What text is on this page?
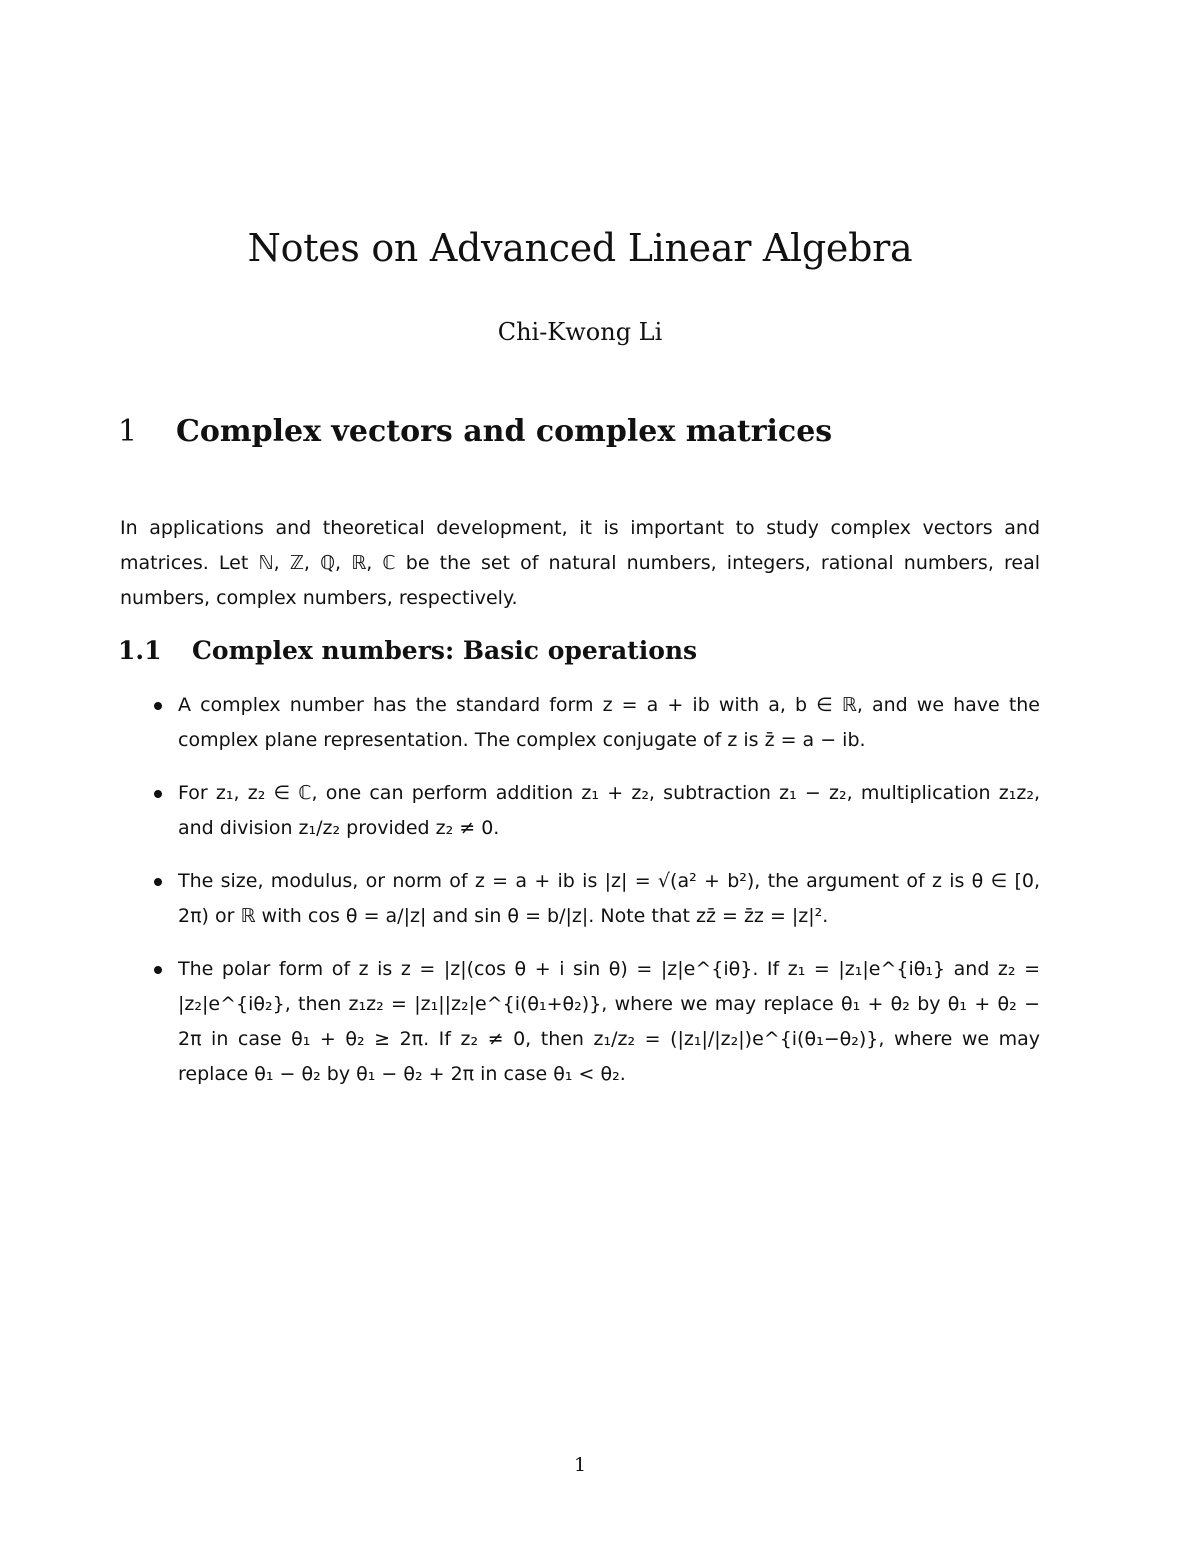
Notes on Advanced Linear Algebra
Chi-Kwong Li
1 Complex vectors and complex matrices

In applications and theoretical development, it is important to study complex vectors and matrices. Let ℕ, ℤ, ℚ, ℝ, ℂ be the set of natural numbers, integers, rational numbers, real numbers, complex numbers, respectively.

1.1 Complex numbers: Basic operations
A complex number has the standard form z = a + ib with a, b ∈ ℝ, and we have the complex plane representation. The complex conjugate of z is z̄ = a − ib.
For z₁, z₂ ∈ ℂ, one can perform addition z₁ + z₂, subtraction z₁ − z₂, multiplication z₁z₂, and division z₁/z₂ provided z₂ ≠ 0.
The size, modulus, or norm of z = a + ib is |z| = √(a² + b²), the argument of z is θ ∈ [0, 2π) or ℝ with cos θ = a/|z| and sin θ = b/|z|. Note that zz̄ = z̄z = |z|².
The polar form of z is z = |z|(cos θ + i sin θ) = |z|e^{iθ}. If z₁ = |z₁|e^{iθ₁} and z₂ = |z₂|e^{iθ₂}, then z₁z₂ = |z₁||z₂|e^{i(θ₁+θ₂)}, where we may replace θ₁ + θ₂ by θ₁ + θ₂ − 2π in case θ₁ + θ₂ ≥ 2π. If z₂ ≠ 0, then z₁/z₂ = (|z₁|/|z₂|)e^{i(θ₁−θ₂)}, where we may replace θ₁ − θ₂ by θ₁ − θ₂ + 2π in case θ₁ < θ₂.
1
